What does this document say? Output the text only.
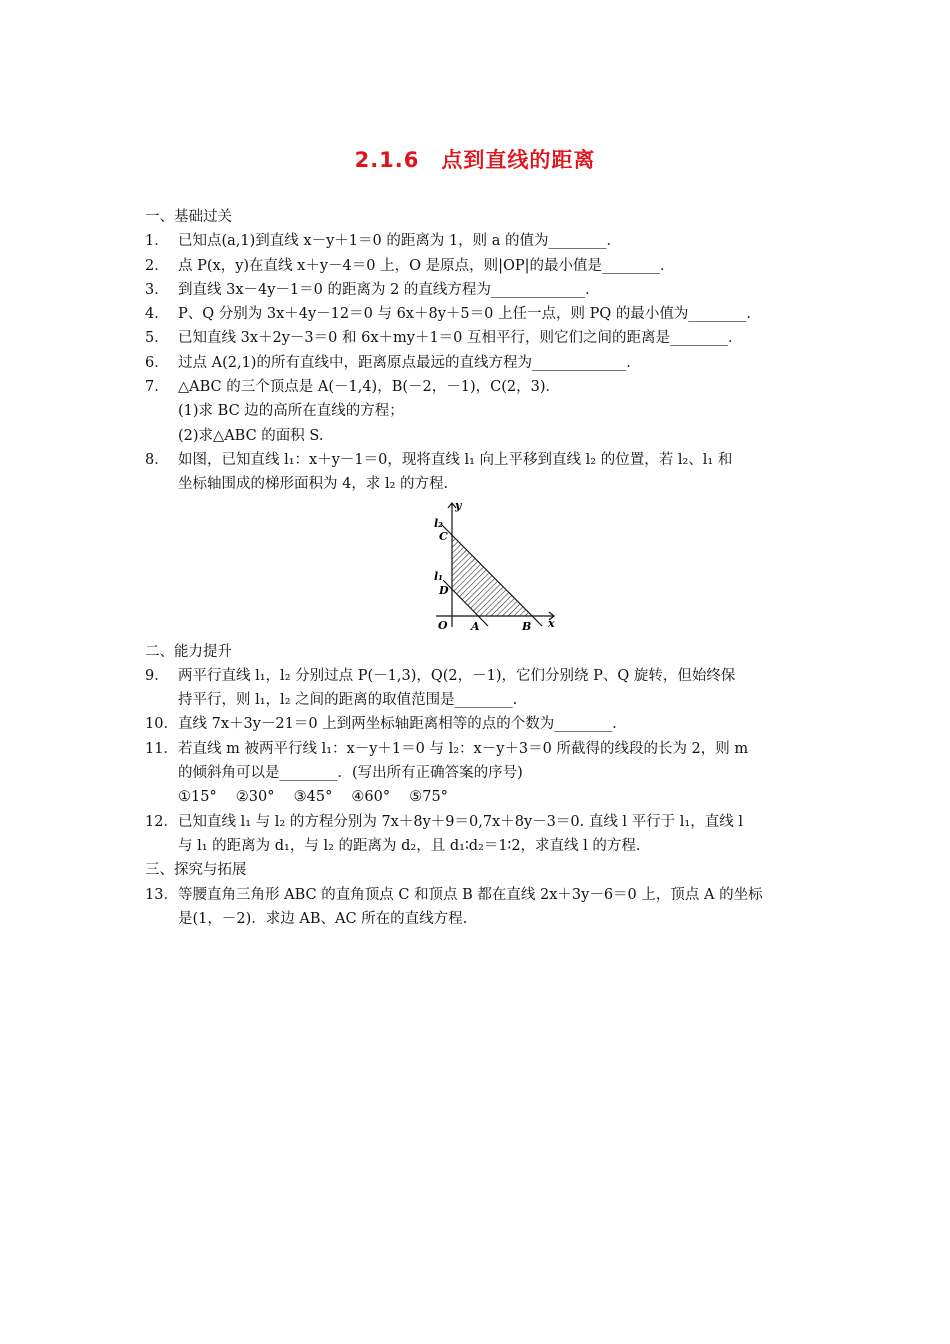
2.1.6　点到直线的距离
一、基础过关
1． 已知点(a,1)到直线 x－y＋1＝0 的距离为 1，则 a 的值为________．
2． 点 P(x，y)在直线 x＋y－4＝0 上，O 是原点，则|OP|的最小值是________．
3． 到直线 3x－4y－1＝0 的距离为 2 的直线方程为_____________．
4． P、Q 分别为 3x＋4y－12＝0 与 6x＋8y＋5＝0 上任一点，则 PQ 的最小值为________．
5． 已知直线 3x＋2y－3＝0 和 6x＋my＋1＝0 互相平行，则它们之间的距离是________．
6． 过点 A(2,1)的所有直线中，距离原点最远的直线方程为_____________．
7． △ABC 的三个顶点是 A(－1,4)，B(－2，－1)，C(2，3)．
(1)求 BC 边的高所在直线的方程；
(2)求△ABC 的面积 S.
8． 如图，已知直线 l₁：x＋y－1＝0，现将直线 l₁ 向上平移到直线 l₂ 的位置，若 l₂、l₁ 和
坐标轴围成的梯形面积为 4，求 l₂ 的方程.
y
x
l₂
C
l₁
D
O A	B
二、能力提升
9． 两平行直线 l₁，l₂ 分别过点 P(－1,3)，Q(2，－1)，它们分别绕 P、Q 旋转，但始终保
持平行，则 l₁，l₂ 之间的距离的取值范围是________.
10． 直线 7x＋3y－21＝0 上到两坐标轴距离相等的点的个数为________．
11． 若直线 m 被两平行线 l₁：x－y＋1＝0 与 l₂：x－y＋3＝0 所截得的线段的长为 2，则 m
的倾斜角可以是________．(写出所有正确答案的序号)
①15°　 ②30°　 ③45°　 ④60°　 ⑤75°
12． 已知直线 l₁ 与 l₂ 的方程分别为 7x＋8y＋9＝0,7x＋8y－3＝0. 直线 l 平行于 l₁，直线 l
与 l₁ 的距离为 d₁，与 l₂ 的距离为 d₂，且 d₁∶d₂＝1∶2，求直线 l 的方程.
三、探究与拓展
13． 等腰直角三角形 ABC 的直角顶点 C 和顶点 B 都在直线 2x＋3y－6＝0 上，顶点 A 的坐标
是(1，－2)．求边 AB、AC 所在的直线方程.
